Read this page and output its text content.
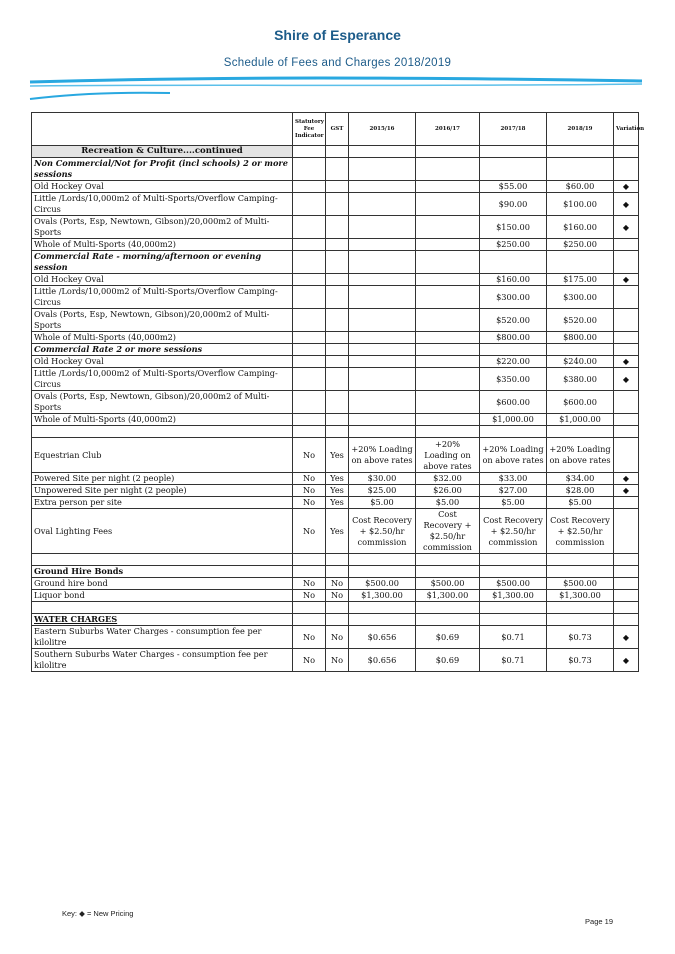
Shire of Esperance
Schedule of Fees and Charges 2018/2019
	Statutory Fee Indicator	GST	2015/16	2016/17	2017/18	2018/19	Variation
Recreation & Culture....continued							
Non Commercial/Not for Profit (incl schools) 2 or more sessions							
Old Hockey Oval					$55.00	$60.00	◆
Little /Lords/10,000m2 of Multi-Sports/Overflow Camping-Circus					$90.00	$100.00	◆
Ovals (Ports, Esp, Newtown, Gibson)/20,000m2 of Multi-Sports					$150.00	$160.00	◆
Whole of Multi-Sports (40,000m2)					$250.00	$250.00	
Commercial Rate - morning/afternoon or evening session							
Old Hockey Oval					$160.00	$175.00	◆
Little /Lords/10,000m2 of Multi-Sports/Overflow Camping-Circus					$300.00	$300.00	
Ovals (Ports, Esp, Newtown, Gibson)/20,000m2 of Multi-Sports					$520.00	$520.00	
Whole of Multi-Sports (40,000m2)					$800.00	$800.00	
Commercial Rate 2 or more sessions							
Old Hockey Oval					$220.00	$240.00	◆
Little /Lords/10,000m2 of Multi-Sports/Overflow Camping-Circus					$350.00	$380.00	◆
Ovals (Ports, Esp, Newtown, Gibson)/20,000m2 of Multi-Sports					$600.00	$600.00	
Whole of Multi-Sports (40,000m2)					$1,000.00	$1,000.00	

Equestrian Club	No	Yes	+20% Loading on above rates	+20% Loading on above rates	+20% Loading on above rates	+20% Loading on above rates	
Powered Site per night (2 people)	No	Yes	$30.00	$32.00	$33.00	$34.00	◆
Unpowered Site per night (2 people)	No	Yes	$25.00	$26.00	$27.00	$28.00	◆
Extra person per site	No	Yes	$5.00	$5.00	$5.00	$5.00	
Oval Lighting Fees	No	Yes	Cost Recovery + $2.50/hr commission	Cost Recovery + $2.50/hr commission	Cost Recovery + $2.50/hr commission	Cost Recovery + $2.50/hr commission	

Ground Hire Bonds							
Ground hire bond	No	No	$500.00	$500.00	$500.00	$500.00	
Liquor bond	No	No	$1,300.00	$1,300.00	$1,300.00	$1,300.00	

WATER CHARGES							
Eastern Suburbs Water Charges - consumption fee per kilolitre	No	No	$0.656	$0.69	$0.71	$0.73	◆
Southern Suburbs Water Charges - consumption fee per kilolitre	No	No	$0.656	$0.69	$0.71	$0.73	◆
Key: ◆ = New Pricing
Page 19
